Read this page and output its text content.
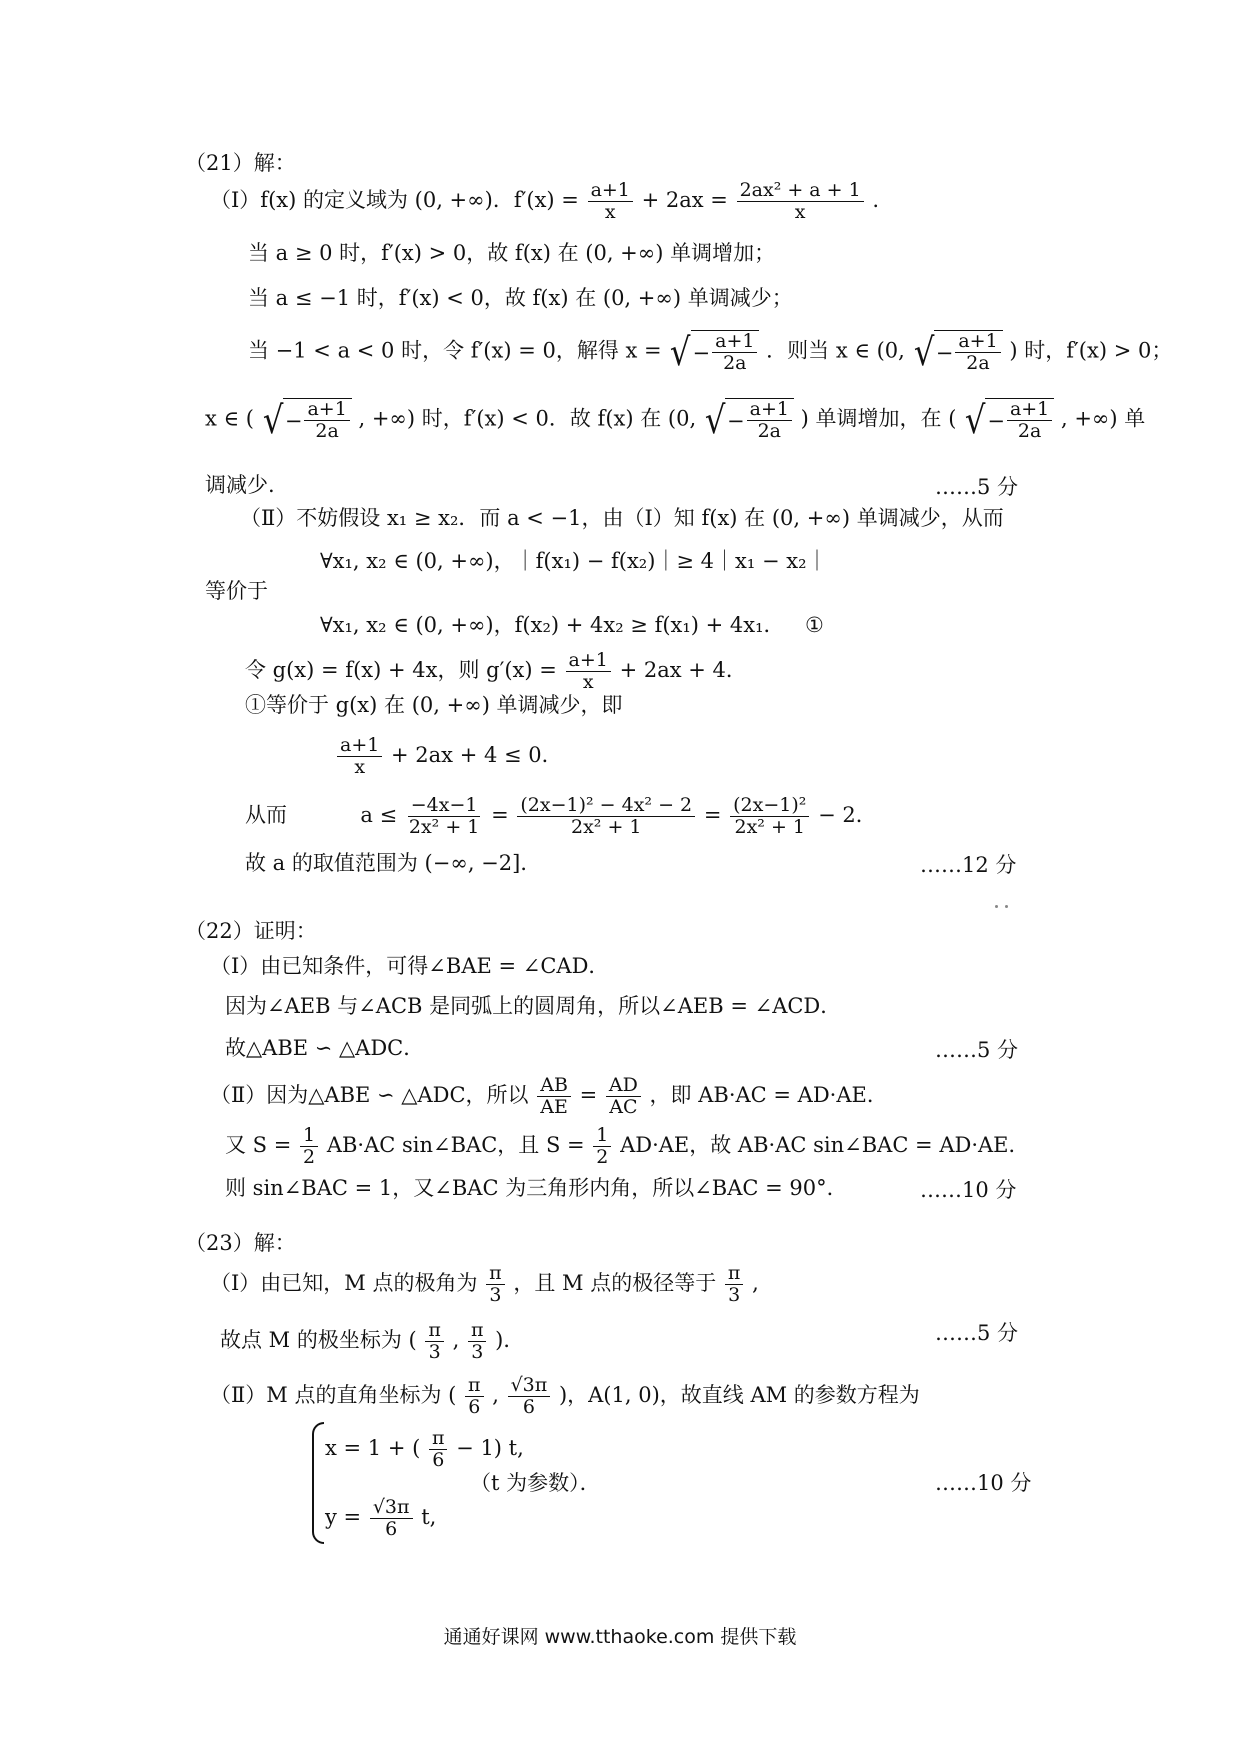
（21）解：
（Ⅰ）f(x) 的定义域为 (0, +∞)．$f'(x) = \frac{a+1}{x} + 2ax = \frac{\text{2ax² + a + 1}}{x}$ .
当 a ≥ 0 时，f′(x) > 0，故 f(x) 在 (0, +∞) 单调增加；
当 a ≤ −1 时，f′(x) < 0，故 f(x) 在 (0, +∞) 单调减少；
当 −1 < a < 0 时，令 f′(x) = 0，解得 x = √ − $\frac{a+1}{2a}$ ．则当 x ∈ (0, √ − $\frac{a+1}{2a}$ ) 时，f′(x) > 0；
x ∈ ( √ − $\frac{a+1}{2a}$ , +∞) 时，f′(x) < 0．故 f(x) 在 (0, √ − $\frac{a+1}{2a}$ ) 单调增加，在 ( √ − $\frac{a+1}{2a}$ , +∞) 单
调减少.	……5 分
（Ⅱ）不妨假设 x₁ ≥ x₂．而 a < −1，由（Ⅰ）知 f(x) 在 (0, +∞) 单调减少，从而
∀x₁, x₂ ∈ (0, +∞)，｜f(x₁) − f(x₂)｜≥ 4｜x₁ − x₂｜
等价于
∀x₁, x₂ ∈ (0, +∞)，f(x₂) + 4x₂ ≥ f(x₁) + 4x₁． ①
令 g(x) = f(x) + 4x，则 $g'(x) = \frac{a+1}{x} + 2ax + 4$．
①等价于 g(x) 在 (0, +∞) 单调减少，即
$\frac{a+1}{x} + 2ax + 4 \le 0$．
从而	$a \le \frac{-4x-1}{\text{2x² + 1}} = \frac{\text{(2x−1)² − 4x² − 2}}{\text{2x² + 1}} = \frac{\text{(2x−1)²}}{\text{2x² + 1}} - 2$．
故 a 的取值范围为 (−∞, −2]．	……12 分
（22）证明：
（Ⅰ）由已知条件，可得∠BAE = ∠CAD．
因为∠AEB 与∠ACB 是同弧上的圆周角，所以∠AEB = ∠ACD．
故△ABE ∽ △ADC．	……5 分
（Ⅱ）因为△ABE ∽ △ADC，所以 $\frac{AB}{AE} = \frac{AD}{AC}$ ，即 AB·AC = AD·AE．
又 $S = \frac{1}{2} AB\cdot AC$ sin∠BAC，且 $S = \frac{1}{2} AD\cdot AE$，故 AB·AC sin∠BAC = AD·AE．
则 sin∠BAC = 1，又∠BAC 为三角形内角，所以∠BAC = 90°．	……10 分
（23）解：
（Ⅰ）由已知，M 点的极角为 $\frac{\pi}{3}$ ，且 M 点的极径等于 $\frac{\pi}{3}$ ,
故点 M 的极坐标为 ( $\frac{\pi}{3}$ , $\frac{\pi}{3}$ )．	……5 分
（Ⅱ）M 点的直角坐标为 ( $\frac{\pi}{6}$ , $\frac{√3\pi}{6}$ )，A(1, 0)，故直线 AM 的参数方程为
x = 1 + ( $\frac{\pi}{6} - 1$) t,
$y = \frac{√3\pi}{6} t$,
（t 为参数）．	……10 分
通通好课网 www.tthaoke.com 提供下载
